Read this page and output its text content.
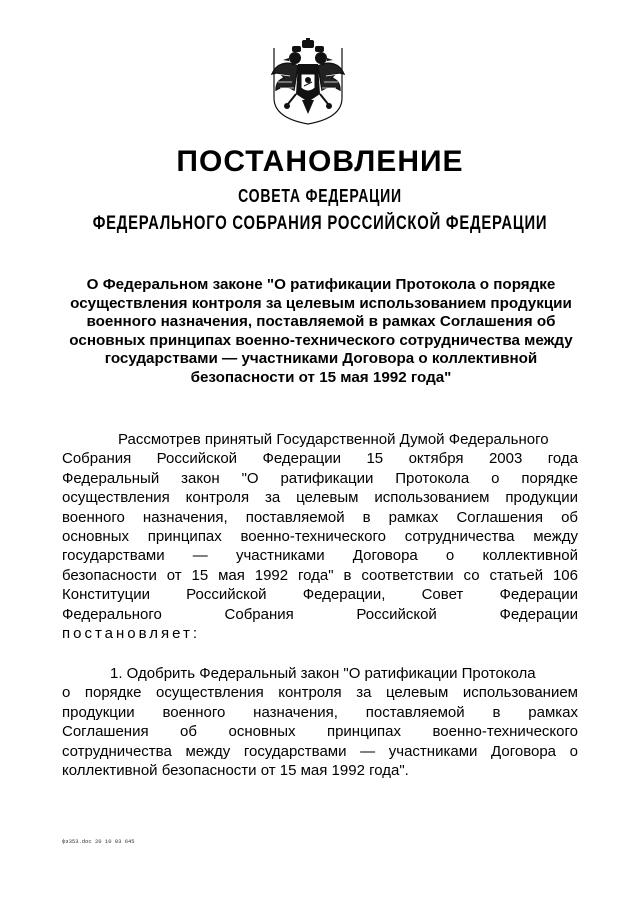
ПОСТАНОВЛЕНИЕ
СОВЕТА ФЕДЕРАЦИИ
ФЕДЕРАЛЬНОГО СОБРАНИЯ РОССИЙСКОЙ ФЕДЕРАЦИИ
О Федеральном законе "О ратификации Протокола о порядке
осуществления контроля за целевым использованием продукции
военного назначения, поставляемой в рамках Соглашения об
основных принципах военно-технического сотрудничества между
государствами — участниками Договора о коллективной
безопасности от 15 мая 1992 года"
Рассмотрев принятый Государственной Думой Федерального
Собрания Российской Федерации 15 октября 2003 года
Федеральный закон "О ратификации Протокола о порядке
осуществления контроля за целевым использованием продукции
военного назначения, поставляемой в рамках Соглашения об
основных принципах военно-технического сотрудничества между
государствами — участниками Договора о коллективной
безопасности от 15 мая 1992 года" в соответствии со статьей 106
Конституции Российской Федерации, Совет Федерации
Федерального Собрания Российской Федерации
постановляет:
1. Одобрить Федеральный закон "О ратификации Протокола
о порядке осуществления контроля за целевым использованием
продукции военного назначения, поставляемой в рамках
Соглашения об основных принципах военно-технического
сотрудничества между государствами — участниками Договора о
коллективной безопасности от 15 мая 1992 года".
фз353.doc 20 10 03 645
